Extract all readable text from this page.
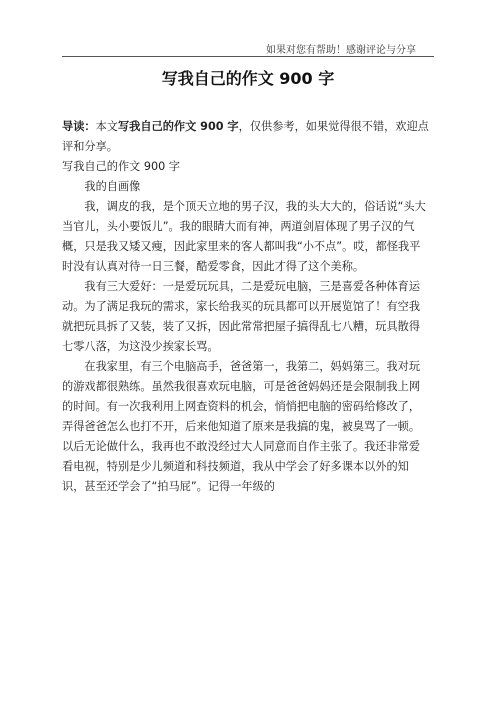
如果对您有帮助！感谢评论与分享
写我自己的作文 900 字

导读：本文写我自己的作文 900 字，仅供参考，如果觉得很不错，欢迎点评和分享。

写我自己的作文 900 字

我的自画像

我，调皮的我，是个顶天立地的男子汉，我的头大大的，俗话说“头大当官儿，头小要饭儿”。我的眼睛大而有神，两道剑眉体现了男子汉的气概，只是我又矮又瘦，因此家里来的客人都叫我“小不点”。哎，都怪我平时没有认真对待一日三餐，酷爱零食，因此才得了这个美称。

我有三大爱好：一是爱玩玩具，二是爱玩电脑，三是喜爱各种体育运动。为了满足我玩的需求，家长给我买的玩具都可以开展览馆了！有空我就把玩具拆了又装，装了又拆，因此常常把屋子搞得乱七八糟，玩具散得七零八落，为这没少挨家长骂。

在我家里，有三个电脑高手，爸爸第一，我第二，妈妈第三。我对玩的游戏都很熟练。虽然我很喜欢玩电脑，可是爸爸妈妈还是会限制我上网的时间。有一次我利用上网查资料的机会，悄悄把电脑的密码给修改了，弄得爸爸怎么也打不开，后来他知道了原来是我搞的鬼，被臭骂了一顿。以后无论做什么，我再也不敢没经过大人同意而自作主张了。我还非常爱看电视，特别是少儿频道和科技频道，我从中学会了好多课本以外的知识，甚至还学会了“拍马屁”。记得一年级的
